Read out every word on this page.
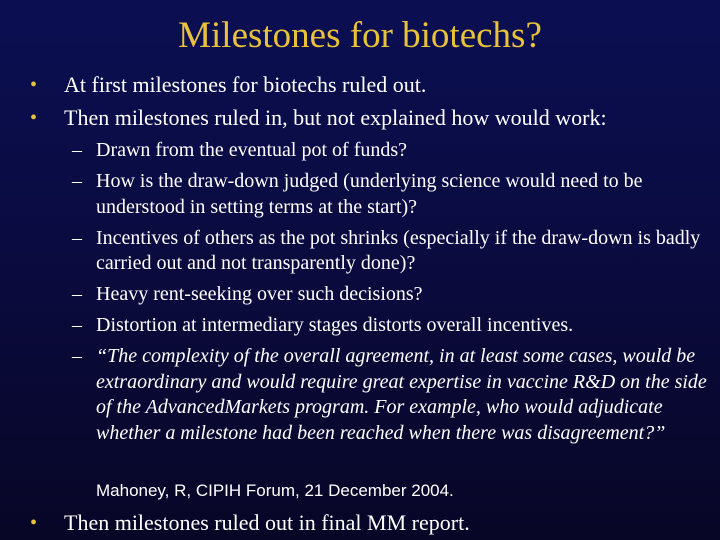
Milestones for biotechs?
• At first milestones for biotechs ruled out.
• Then milestones ruled in, but not explained how would work:
– Drawn from the eventual pot of funds?
– How is the draw-down judged (underlying science would need to be understood in setting terms at the start)?
– Incentives of others as the pot shrinks (especially if the draw-down is badly carried out and not transparently done)?
– Heavy rent-seeking over such decisions?
– Distortion at intermediary stages distorts overall incentives.
– “The complexity of the overall agreement, in at least some cases, would be extraordinary and would require great expertise in vaccine R&D on the side of the AdvancedMarkets program. For example, who would adjudicate whether a milestone had been reached when there was disagreement?”
Mahoney, R, CIPIH Forum, 21 December 2004.
• Then milestones ruled out in final MM report.
